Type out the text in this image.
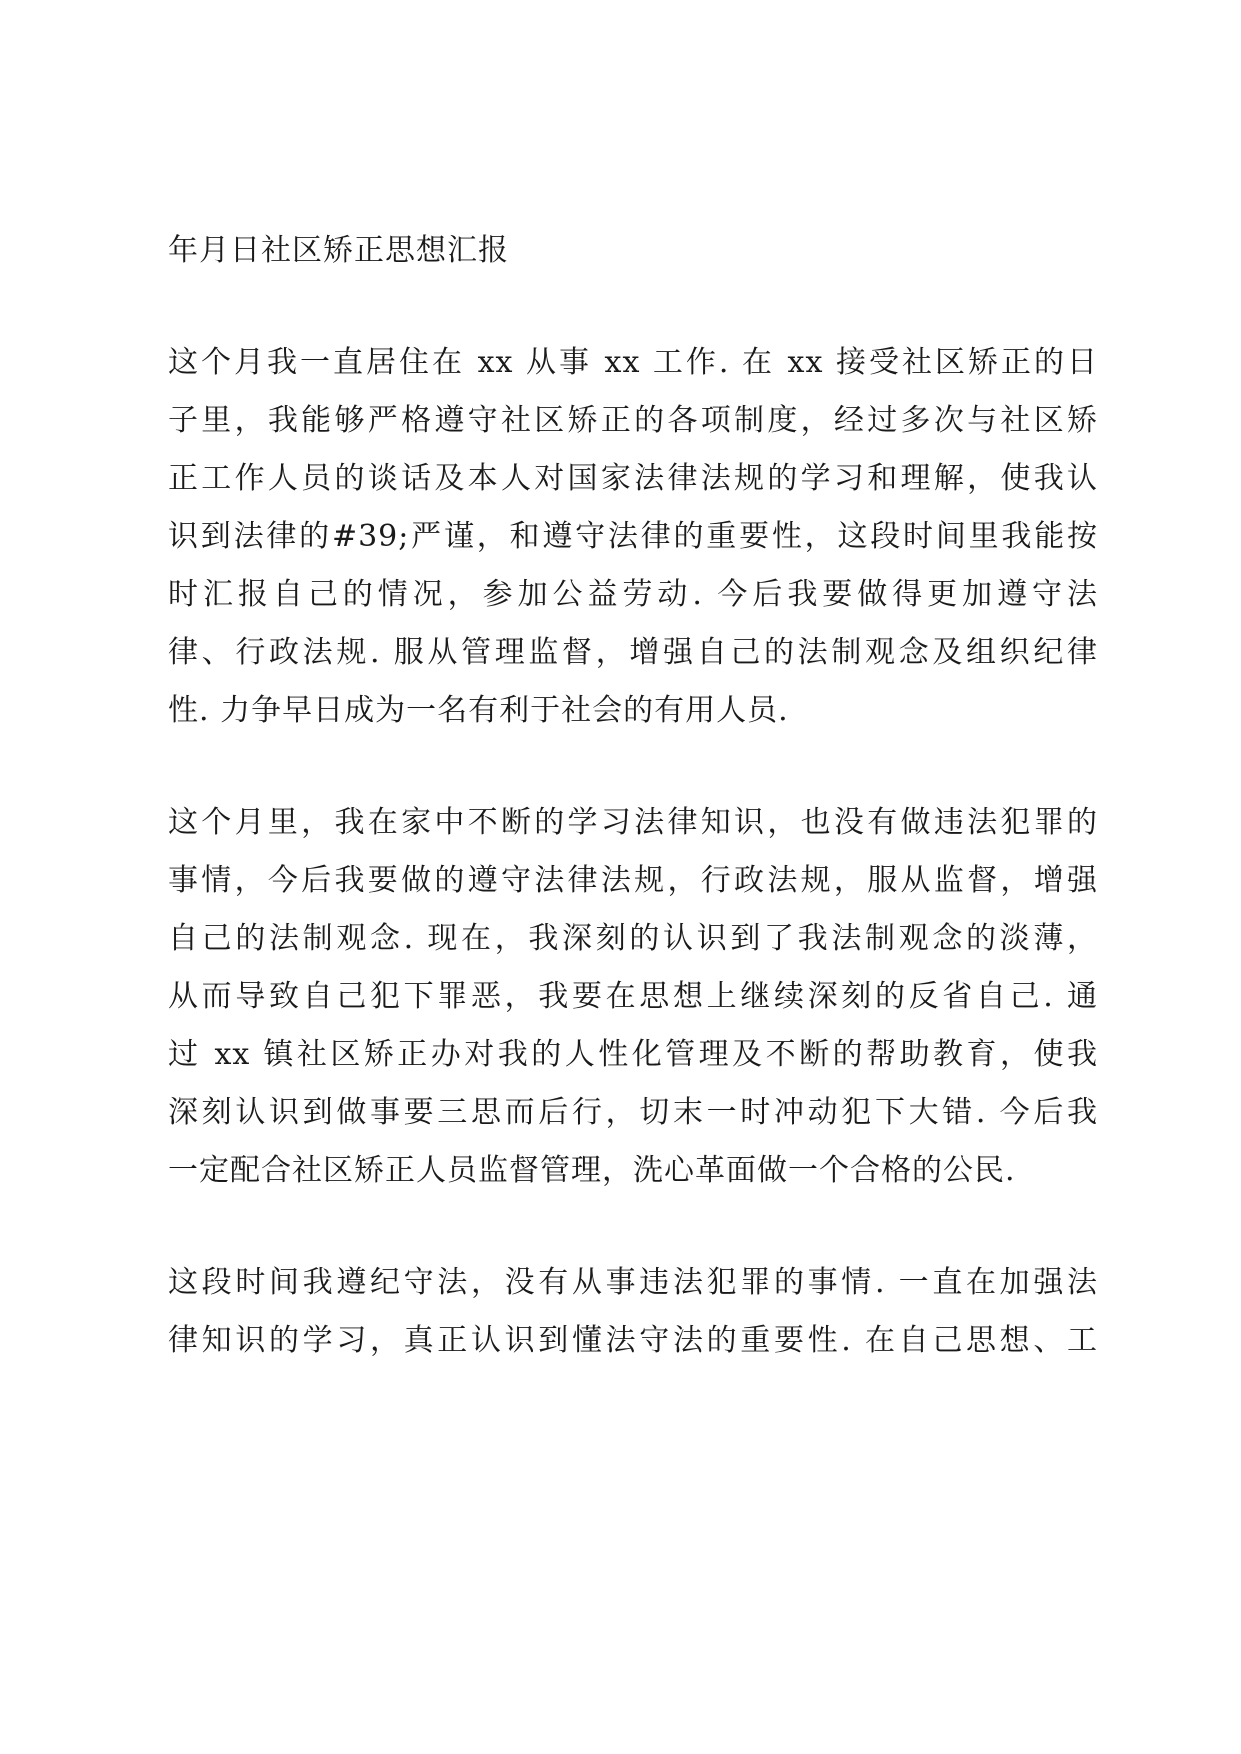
年月日社区矫正思想汇报
这个月我一直居住在 xx 从事 xx 工作. 在 xx 接受社区矫正的日
子里，我能够严格遵守社区矫正的各项制度，经过多次与社区矫
正工作人员的谈话及本人对国家法律法规的学习和理解，使我认
识到法律的#39;严谨，和遵守法律的重要性，这段时间里我能按
时汇报自己的情况，参加公益劳动. 今后我要做得更加遵守法
律、行政法规. 服从管理监督，增强自己的法制观念及组织纪律
性. 力争早日成为一名有利于社会的有用人员.
这个月里，我在家中不断的学习法律知识，也没有做违法犯罪的
事情，今后我要做的遵守法律法规，行政法规，服从监督，增强
自己的法制观念. 现在，我深刻的认识到了我法制观念的淡薄，
从而导致自己犯下罪恶，我要在思想上继续深刻的反省自己. 通
过 xx 镇社区矫正办对我的人性化管理及不断的帮助教育，使我
深刻认识到做事要三思而后行，切末一时冲动犯下大错. 今后我
一定配合社区矫正人员监督管理，洗心革面做一个合格的公民.
这段时间我遵纪守法，没有从事违法犯罪的事情. 一直在加强法
律知识的学习，真正认识到懂法守法的重要性. 在自己思想、工
